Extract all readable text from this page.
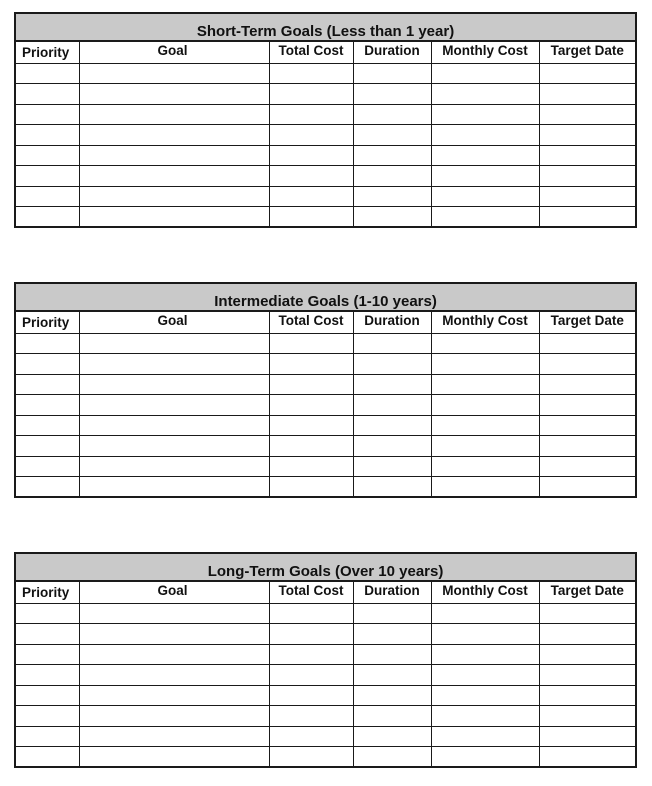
Short-Term Goals (Less than 1 year)					
Priority	Goal	Total Cost	Duration	Monthly Cost	Target Date

Intermediate Goals (1-10 years)					
Priority	Goal	Total Cost	Duration	Monthly Cost	Target Date

Long-Term Goals (Over 10 years)					
Priority	Goal	Total Cost	Duration	Monthly Cost	Target Date
